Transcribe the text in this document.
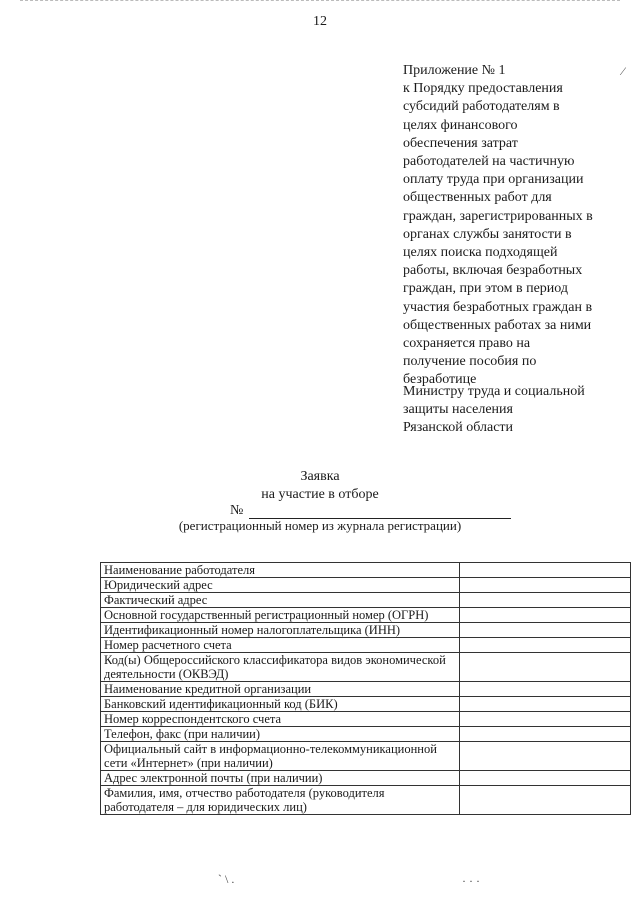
12
Приложение № 1
к Порядку предоставления
субсидий работодателям в
целях финансового
обеспечения затрат
работодателей на частичную
оплату труда при организации
общественных работ для
граждан, зарегистрированных в
органах службы занятости в
целях поиска подходящей
работы, включая безработных
граждан, при этом в период
участия безработных граждан в
общественных работах за ними
сохраняется право на
получение пособия по
безработице
Министру труда и социальной
защиты населения
Рязанской области
Заявка
на участие в отборе
№
(регистрационный номер из журнала регистрации)
Наименование работодателя	
Юридический адрес	
Фактический адрес	
Основной государственный регистрационный номер (ОГРН)	
Идентификационный номер налогоплательщика (ИНН)	
Номер расчетного счета	
Код(ы) Общероссийского классификатора видов экономической деятельности (ОКВЭД)	
Наименование кредитной организации	
Банковский идентификационный код (БИК)	
Номер корреспондентского счета	
Телефон, факс (при наличии)	
Официальный сайт в информационно-телекоммуникационной сети «Интернет» (при наличии)	
Адрес электронной почты (при наличии)	
Фамилия, имя, отчество работодателя (руководителя работодателя – для юридических лиц)	
⁄
` \ .	· · ·
